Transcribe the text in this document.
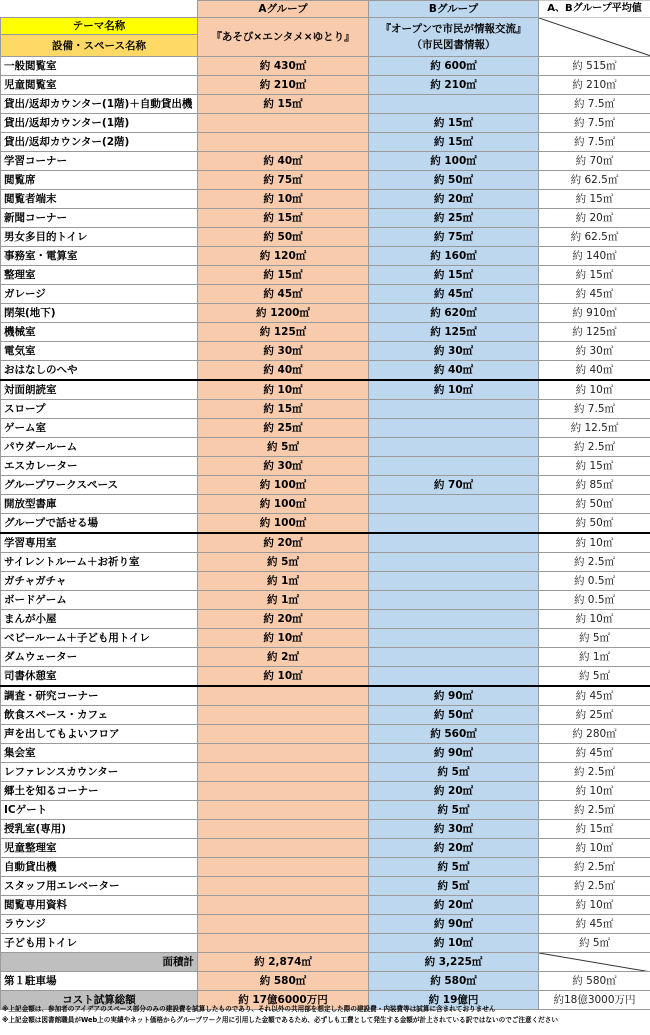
	Aグループ	Bグループ	A、Bグループ平均値
テーマ名称	『あそび×エンタメ×ゆとり』	『オープンで市民が情報交流』
（市民図書情報）

設備・スペース名称			
一般閲覧室	約 430㎡	約 600㎡	約 515㎡
児童閲覧室	約 210㎡	約 210㎡	約 210㎡
貸出/返却カウンター(1階)＋自動貸出機	約 15㎡		約 7.5㎡
貸出/返却カウンター(1階)		約 15㎡	約 7.5㎡
貸出/返却カウンター(2階)		約 15㎡	約 7.5㎡
学習コーナー	約 40㎡	約 100㎡	約 70㎡
閲覧席	約 75㎡	約 50㎡	約 62.5㎡
閲覧者端末	約 10㎡	約 20㎡	約 15㎡
新聞コーナー	約 15㎡	約 25㎡	約 20㎡
男女多目的トイレ	約 50㎡	約 75㎡	約 62.5㎡
事務室・電算室	約 120㎡	約 160㎡	約 140㎡
整理室	約 15㎡	約 15㎡	約 15㎡
ガレージ	約 45㎡	約 45㎡	約 45㎡
閉架(地下)	約 1200㎡	約 620㎡	約 910㎡
機械室	約 125㎡	約 125㎡	約 125㎡
電気室	約 30㎡	約 30㎡	約 30㎡
おはなしのへや	約 40㎡	約 40㎡	約 40㎡
対面朗読室	約 10㎡	約 10㎡	約 10㎡
スロープ	約 15㎡		約 7.5㎡
ゲーム室	約 25㎡		約 12.5㎡
パウダールーム	約 5㎡		約 2.5㎡
エスカレーター	約 30㎡		約 15㎡
グループワークスペース	約 100㎡	約 70㎡	約 85㎡
開放型書庫	約 100㎡		約 50㎡
グループで話せる場	約 100㎡		約 50㎡
学習専用室	約 20㎡		約 10㎡
サイレントルーム＋お祈り室	約 5㎡		約 2.5㎡
ガチャガチャ	約 1㎡		約 0.5㎡
ボードゲーム	約 1㎡		約 0.5㎡
まんが小屋	約 20㎡		約 10㎡
ベビールーム＋子ども用トイレ	約 10㎡		約 5㎡
ダムウェーター	約 2㎡		約 1㎡
司書休憩室	約 10㎡		約 5㎡
調査・研究コーナー		約 90㎡	約 45㎡
飲食スペース・カフェ		約 50㎡	約 25㎡
声を出してもよいフロア		約 560㎡	約 280㎡
集会室		約 90㎡	約 45㎡
レファレンスカウンター		約 5㎡	約 2.5㎡
郷土を知るコーナー		約 20㎡	約 10㎡
ICゲート		約 5㎡	約 2.5㎡
授乳室(専用)		約 30㎡	約 15㎡
児童整理室		約 20㎡	約 10㎡
自動貸出機		約 5㎡	約 2.5㎡
スタッフ用エレベーター		約 5㎡	約 2.5㎡
閲覧専用資料		約 20㎡	約 10㎡
ラウンジ		約 90㎡	約 45㎡
子ども用トイレ		約 10㎡	約 5㎡
面積計	約 2,874㎡	約 3,225㎡	

第１駐車場	約 580㎡	約 580㎡	約 580㎡
コスト試算総額	約 17億6000万円	約 19億円	約18億3000万円
※上記金額は、参加者のアイデアのスペース部分のみの建設費を試算したものであり、それ以外の共用部を想定した際の建設費・内装費等は試算に含まれておりません
※上記金額は図書館職員がWeb上の実績やネット価格からグループワーク用に引用した金額であるため、必ずしも工費として発生する金額が計上されている訳ではないのでご注意ください
